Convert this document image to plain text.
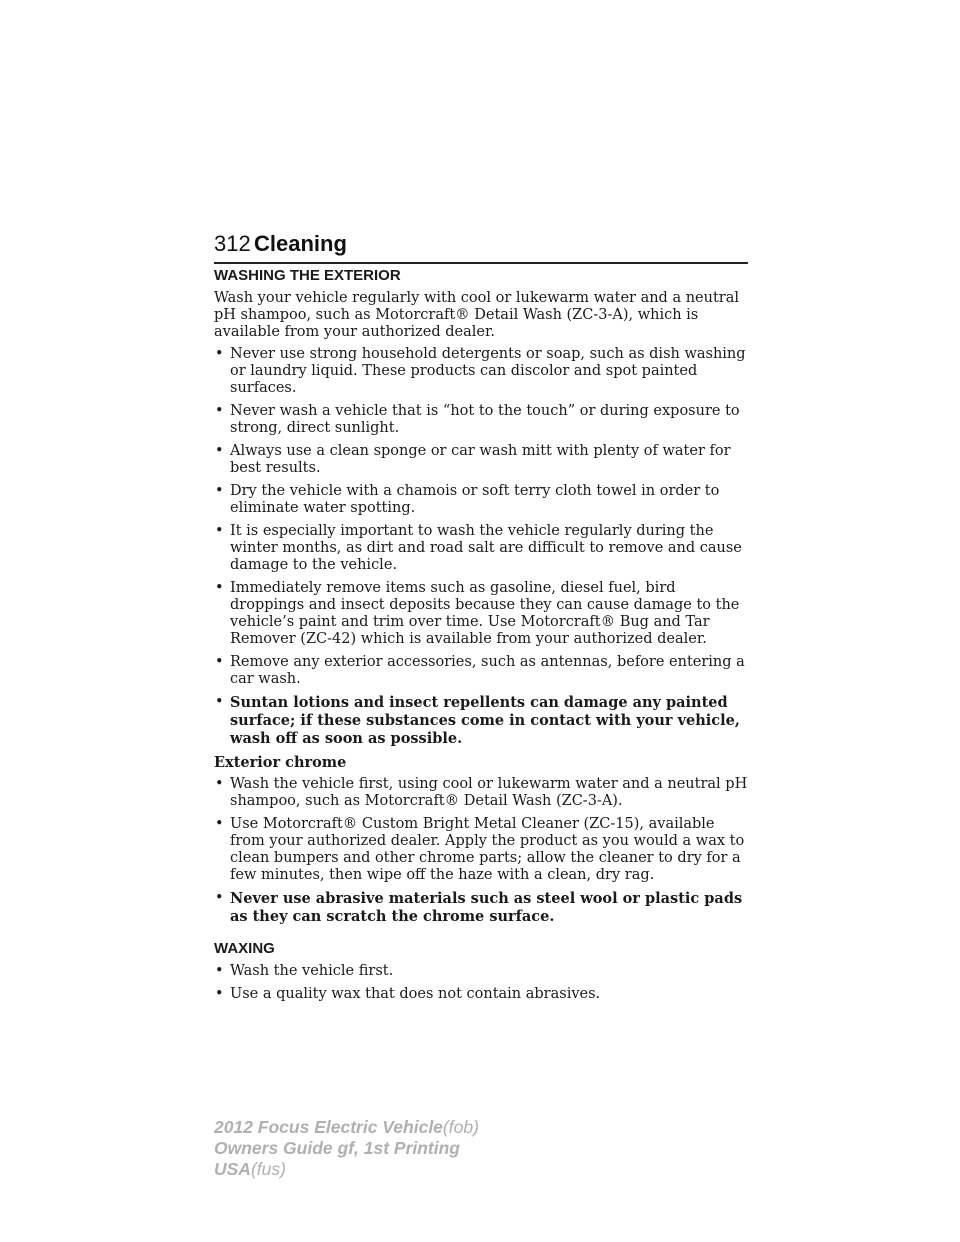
312 Cleaning
WASHING THE EXTERIOR

Wash your vehicle regularly with cool or lukewarm water and a neutral pH shampoo, such as Motorcraft® Detail Wash (ZC-3-A), which is available from your authorized dealer.

• Never use strong household detergents or soap, such as dish washing or laundry liquid. These products can discolor and spot painted surfaces.
• Never wash a vehicle that is “hot to the touch” or during exposure to strong, direct sunlight.
• Always use a clean sponge or car wash mitt with plenty of water for best results.
• Dry the vehicle with a chamois or soft terry cloth towel in order to eliminate water spotting.
• It is especially important to wash the vehicle regularly during the winter months, as dirt and road salt are difficult to remove and cause damage to the vehicle.
• Immediately remove items such as gasoline, diesel fuel, bird droppings and insect deposits because they can cause damage to the vehicle’s paint and trim over time. Use Motorcraft® Bug and Tar Remover (ZC-42) which is available from your authorized dealer.
• Remove any exterior accessories, such as antennas, before entering a car wash.
• Suntan lotions and insect repellents can damage any painted surface; if these substances come in contact with your vehicle, wash off as soon as possible.
Exterior chrome
• Wash the vehicle first, using cool or lukewarm water and a neutral pH shampoo, such as Motorcraft® Detail Wash (ZC-3-A).
• Use Motorcraft® Custom Bright Metal Cleaner (ZC-15), available from your authorized dealer. Apply the product as you would a wax to clean bumpers and other chrome parts; allow the cleaner to dry for a few minutes, then wipe off the haze with a clean, dry rag.
• Never use abrasive materials such as steel wool or plastic pads as they can scratch the chrome surface.
WAXING
• Wash the vehicle first.
• Use a quality wax that does not contain abrasives.
2012 Focus Electric Vehicle(fob)
Owners Guide gf, 1st Printing
USA(fus)
